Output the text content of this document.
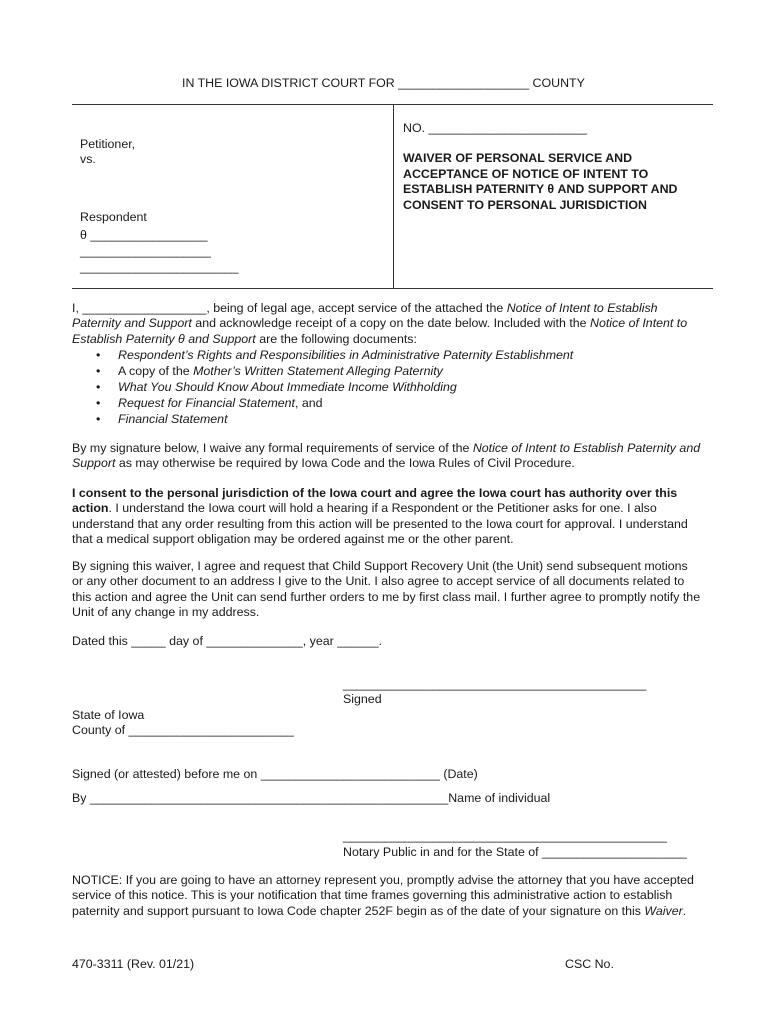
IN THE IOWA DISTRICT COURT FOR ___________________ COUNTY
Petitioner,
vs.
Respondent
θ _________________
___________________
_______________________
NO. _______________________
WAIVER OF PERSONAL SERVICE AND
ACCEPTANCE OF NOTICE OF INTENT TO
ESTABLISH PATERNITY θ AND SUPPORT AND
CONSENT TO PERSONAL JURISDICTION
I, __________________, being of legal age, accept service of the attached the Notice of Intent to Establish Paternity and Support and acknowledge receipt of a copy on the date below. Included with the Notice of Intent to Establish Paternity θ and Support are the following documents:
• Respondent’s Rights and Responsibilities in Administrative Paternity Establishment
• A copy of the Mother’s Written Statement Alleging Paternity
• What You Should Know About Immediate Income Withholding
• Request for Financial Statement, and
• Financial Statement
By my signature below, I waive any formal requirements of service of the Notice of Intent to Establish Paternity and Support as may otherwise be required by Iowa Code and the Iowa Rules of Civil Procedure.
I consent to the personal jurisdiction of the Iowa court and agree the Iowa court has authority over this action. I understand the Iowa court will hold a hearing if a Respondent or the Petitioner asks for one. I also understand that any order resulting from this action will be presented to the Iowa court for approval. I understand that a medical support obligation may be ordered against me or the other parent.
By signing this waiver, I agree and request that Child Support Recovery Unit (the Unit) send subsequent motions or any other document to an address I give to the Unit. I also agree to accept service of all documents related to this action and agree the Unit can send further orders to me by first class mail. I further agree to promptly notify the Unit of any change in my address.
Dated this _____ day of ______________, year ______.
____________________________________________
Signed
State of Iowa
County of ________________________
Signed (or attested) before me on __________________________ (Date)
By ____________________________________________________Name of individual
_______________________________________________
Notary Public in and for the State of _____________________
NOTICE: If you are going to have an attorney represent you, promptly advise the attorney that you have accepted service of this notice. This is your notification that time frames governing this administrative action to establish paternity and support pursuant to Iowa Code chapter 252F begin as of the date of your signature on this Waiver.
470-3311 (Rev. 01/21)	CSC No.
